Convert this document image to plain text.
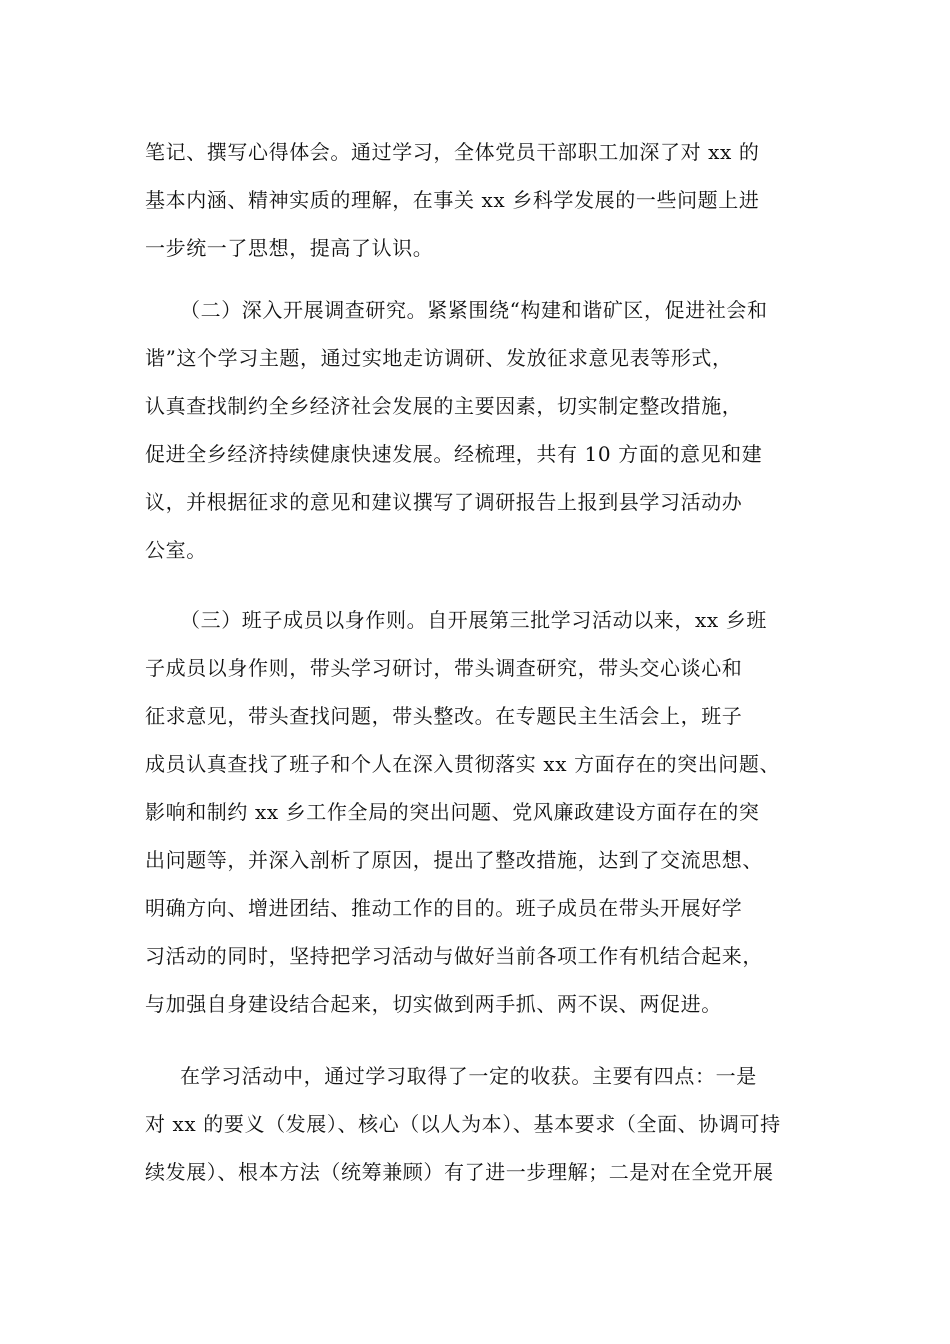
笔记、撰写心得体会。通过学习，全体党员干部职工加深了对 xx 的
基本内涵、精神实质的理解，在事关 xx 乡科学发展的一些问题上进
一步统一了思想，提高了认识。
（二）深入开展调查研究。紧紧围绕“构建和谐矿区，促进社会和
谐”这个学习主题，通过实地走访调研、发放征求意见表等形式，
认真查找制约全乡经济社会发展的主要因素，切实制定整改措施，
促进全乡经济持续健康快速发展。经梳理，共有 10 方面的意见和建
议，并根据征求的意见和建议撰写了调研报告上报到县学习活动办
公室。
（三）班子成员以身作则。自开展第三批学习活动以来，xx 乡班
子成员以身作则，带头学习研讨，带头调查研究，带头交心谈心和
征求意见，带头查找问题，带头整改。在专题民主生活会上，班子
成员认真查找了班子和个人在深入贯彻落实 xx 方面存在的突出问题、
影响和制约 xx 乡工作全局的突出问题、党风廉政建设方面存在的突
出问题等，并深入剖析了原因，提出了整改措施，达到了交流思想、
明确方向、增进团结、推动工作的目的。班子成员在带头开展好学
习活动的同时，坚持把学习活动与做好当前各项工作有机结合起来，
与加强自身建设结合起来，切实做到两手抓、两不误、两促进。
在学习活动中，通过学习取得了一定的收获。主要有四点：一是
对 xx 的要义（发展）、核心（以人为本）、基本要求（全面、协调可持
续发展）、根本方法（统筹兼顾）有了进一步理解；二是对在全党开展
